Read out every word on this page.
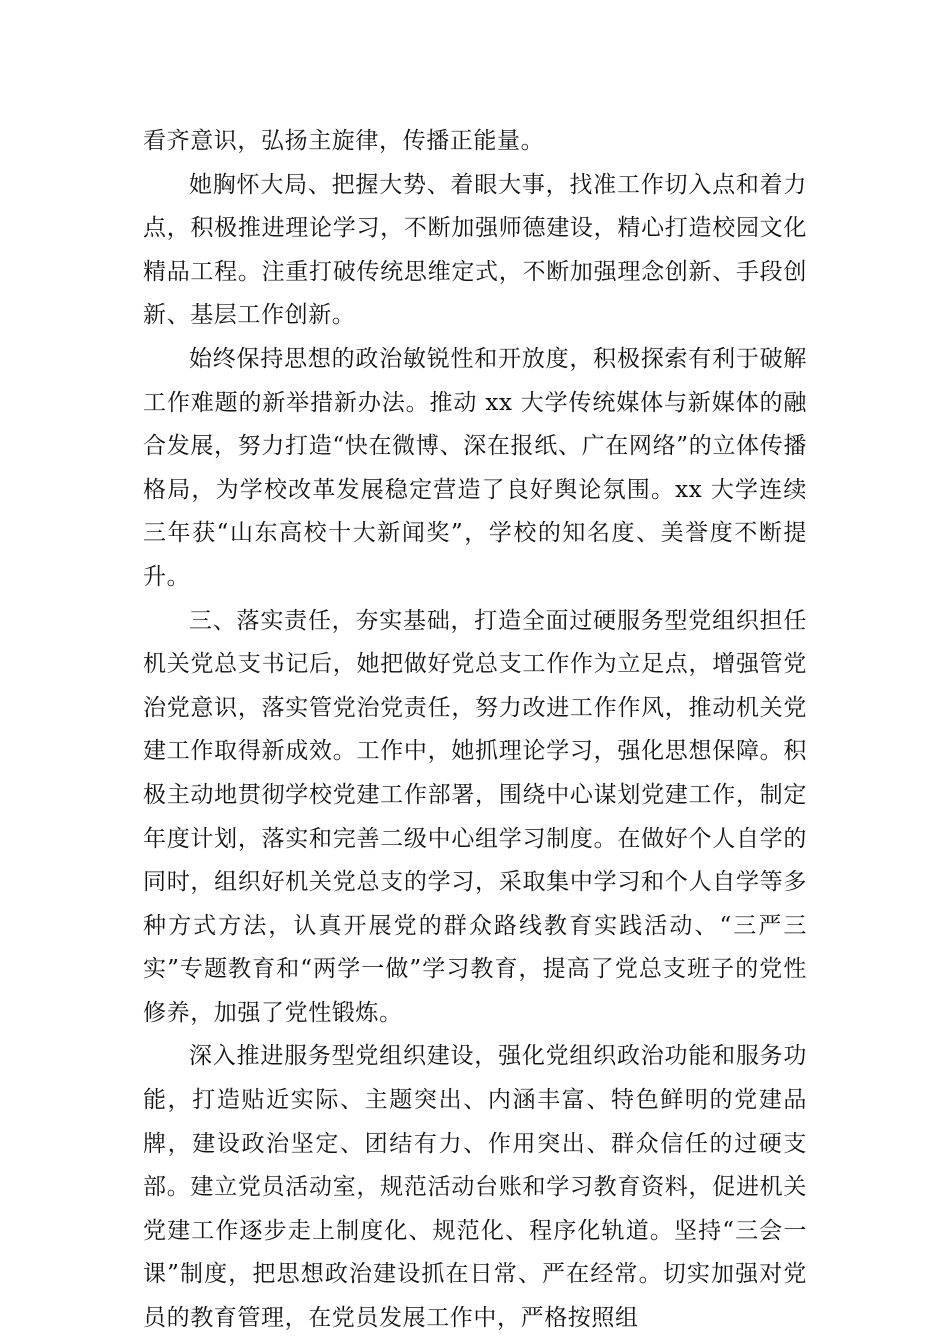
看齐意识，弘扬主旋律，传播正能量。

她胸怀大局、把握大势、着眼大事，找准工作切入点和着力点，积极推进理论学习，不断加强师德建设，精心打造校园文化精品工程。注重打破传统思维定式，不断加强理念创新、手段创新、基层工作创新。

始终保持思想的政治敏锐性和开放度，积极探索有利于破解工作难题的新举措新办法。推动 xx 大学传统媒体与新媒体的融合发展，努力打造“快在微博、深在报纸、广在网络”的立体传播格局，为学校改革发展稳定营造了良好舆论氛围。xx 大学连续三年获“山东高校十大新闻奖”，学校的知名度、美誉度不断提升。

三、落实责任，夯实基础，打造全面过硬服务型党组织担任机关党总支书记后，她把做好党总支工作作为立足点，增强管党治党意识，落实管党治党责任，努力改进工作作风，推动机关党建工作取得新成效。工作中，她抓理论学习，强化思想保障。积极主动地贯彻学校党建工作部署，围绕中心谋划党建工作，制定年度计划，落实和完善二级中心组学习制度。在做好个人自学的同时，组织好机关党总支的学习，采取集中学习和个人自学等多种方式方法，认真开展党的群众路线教育实践活动、“三严三实”专题教育和“两学一做”学习教育，提高了党总支班子的党性修养，加强了党性锻炼。

深入推进服务型党组织建设，强化党组织政治功能和服务功能，打造贴近实际、主题突出、内涵丰富、特色鲜明的党建品牌，建设政治坚定、团结有力、作用突出、群众信任的过硬支部。建立党员活动室，规范活动台账和学习教育资料，促进机关党建工作逐步走上制度化、规范化、程序化轨道。坚持“三会一课”制度，把思想政治建设抓在日常、严在经常。切实加强对党员的教育管理，在党员发展工作中，严格按照组
